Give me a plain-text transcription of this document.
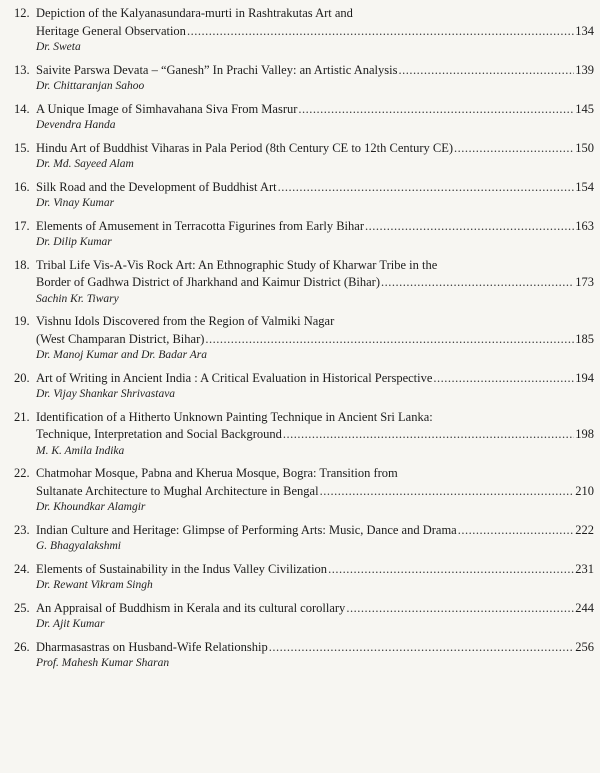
12. Depiction of the Kalyanasundara-murti in Rashtrakutas Art and
Heritage General Observation .....	134
Dr. Sweta
13. Saivite Parswa Devata – “Ganesh” In Prachi Valley: an Artistic Analysis .....	139
Dr. Chittaranjan Sahoo
14. A Unique Image of Simhavahana Siva From Masrur .....	145
Devendra Handa
15. Hindu Art of Buddhist Viharas in Pala Period (8th Century CE to 12th Century CE) .....	150
Dr. Md. Sayeed Alam
16. Silk Road and the Development of Buddhist Art .....	154
Dr. Vinay Kumar
17. Elements of Amusement in Terracotta Figurines from Early Bihar .....	163
Dr. Dilip Kumar
18. Tribal Life Vis-A-Vis Rock Art: An Ethnographic Study of Kharwar Tribe in the
Border of Gadhwa District of Jharkhand and Kaimur District (Bihar) .....	173
Sachin Kr. Tiwary
19. Vishnu Idols Discovered from the Region of Valmiki Nagar
(West Champaran District, Bihar) .....	185
Dr. Manoj Kumar and Dr. Badar Ara
20. Art of Writing in Ancient India : A Critical Evaluation in Historical Perspective .....	194
Dr. Vijay Shankar Shrivastava
21. Identification of a Hitherto Unknown Painting Technique in Ancient Sri Lanka:
Technique, Interpretation and Social Background .....	198
M. K. Amila Indika
22. Chatmohar Mosque, Pabna and Kherua Mosque, Bogra: Transition from
Sultanate Architecture to Mughal Architecture in Bengal .....	210
Dr. Khoundkar Alamgir
23. Indian Culture and Heritage: Glimpse of Performing Arts: Music, Dance and Drama .....	222
G. Bhagyalakshmi
24. Elements of Sustainability in the Indus Valley Civilization .....	231
Dr. Rewant Vikram Singh
25. An Appraisal of Buddhism in Kerala and its cultural corollary .....	244
Dr. Ajit Kumar
26. Dharmasastras on Husband-Wife Relationship .....	256
Prof. Mahesh Kumar Sharan
